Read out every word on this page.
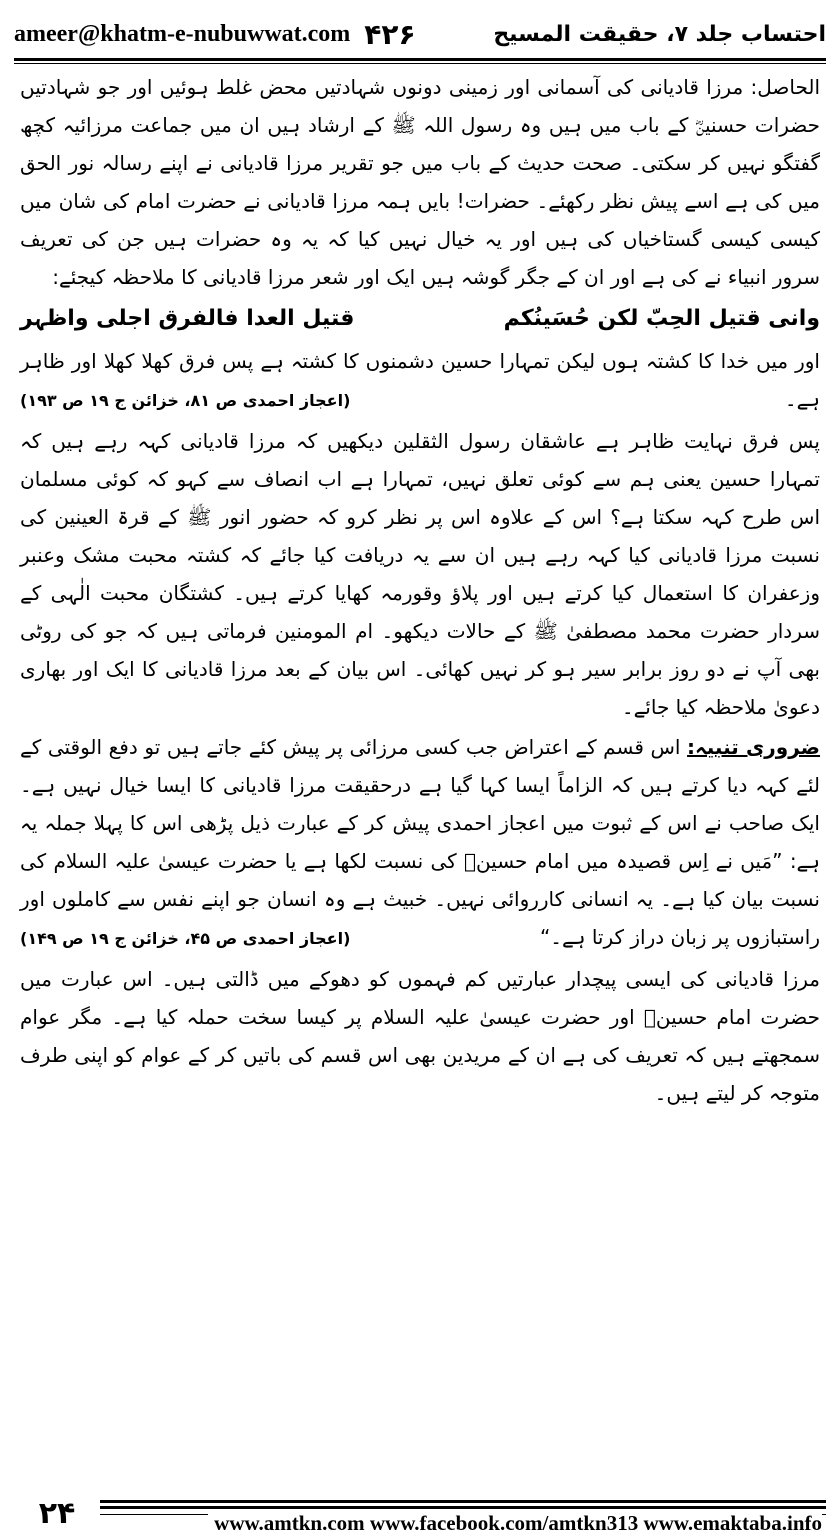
ameer@khatm-e-nubuwwat.com ۴۲۶	احتساب جلد ۷، حقیقت المسیح

الحاصل: مرزا قادیانی کی آسمانی اور زمینی دونوں شہادتیں محض غلط ہوئیں اور جو شہادتیں حضرات حسنینؓ کے باب میں ہیں وہ رسول اللہ ﷺ کے ارشاد ہیں ان میں جماعت مرزائیہ کچھ گفتگو نہیں کر سکتی۔ صحت حدیث کے باب میں جو تقریر مرزا قادیانی نے اپنے رسالہ نور الحق میں کی ہے اسے پیش نظر رکھئے۔ حضرات! بایں ہمہ مرزا قادیانی نے حضرت امام کی شان میں کیسی کیسی گستاخیاں کی ہیں اور یہ خیال نہیں کیا کہ یہ وہ حضرات ہیں جن کی تعریف سرور انبیاء نے کی ہے اور ان کے جگر گوشہ ہیں ایک اور شعر مرزا قادیانی کا ملاحظہ کیجئے:

وانی قتیل الحِبّ لکن حُسَینُکم
قتیل العدا فالفرق اجلی واظہر

اور میں خدا کا کشتہ ہوں لیکن تمہارا حسین دشمنوں کا کشتہ ہے پس فرق کھلا کھلا اور ظاہر ہے۔
(اعجاز احمدی ص ۸۱، خزائن ج ۱۹ ص ۱۹۳)

پس فرق نہایت ظاہر ہے عاشقان رسول الثقلین دیکھیں کہ مرزا قادیانی کہہ رہے ہیں کہ تمہارا حسین یعنی ہم سے کوئی تعلق نہیں، تمہارا ہے اب انصاف سے کہو کہ کوئی مسلمان اس طرح کہہ سکتا ہے؟ اس کے علاوہ اس پر نظر کرو کہ حضور انور ﷺ کے قرۃ العینین کی نسبت مرزا قادیانی کیا کہہ رہے ہیں ان سے یہ دریافت کیا جائے کہ کشتہ محبت مشک وعنبر وزعفران کا استعمال کیا کرتے ہیں اور پلاؤ وقورمہ کھایا کرتے ہیں۔ کشتگان محبت الٰہی کے سردار حضرت محمد مصطفیٰ ﷺ کے حالات دیکھو۔ ام المومنین فرماتی ہیں کہ جو کی روٹی بھی آپ نے دو روز برابر سیر ہو کر نہیں کھائی۔ اس بیان کے بعد مرزا قادیانی کا ایک اور بھاری دعویٰ ملاحظہ کیا جائے۔

ضروری تنبیہ: اس قسم کے اعتراض جب کسی مرزائی پر پیش کئے جاتے ہیں تو دفع الوقتی کے لئے کہہ دیا کرتے ہیں کہ الزاماً ایسا کہا گیا ہے درحقیقت مرزا قادیانی کا ایسا خیال نہیں ہے۔ ایک صاحب نے اس کے ثبوت میں اعجاز احمدی پیش کر کے عبارت ذیل پڑھی اس کا پہلا جملہ یہ ہے: ”مَیں نے اِس قصیدہ میں امام حسینؓ کی نسبت لکھا ہے یا حضرت عیسیٰ علیہ السلام کی نسبت بیان کیا ہے۔ یہ انسانی کارروائی نہیں۔ خبیث ہے وہ انسان جو اپنے نفس سے کاملوں اور راستبازوں پر زبان دراز کرتا ہے۔“
(اعجاز احمدی ص ۴۵، خزائن ج ۱۹ ص ۱۴۹)

مرزا قادیانی کی ایسی پیچدار عبارتیں کم فہموں کو دھوکے میں ڈالتی ہیں۔ اس عبارت میں حضرت امام حسینؓ اور حضرت عیسیٰ علیہ السلام پر کیسا سخت حملہ کیا ہے۔ مگر عوام سمجھتے ہیں کہ تعریف کی ہے ان کے مریدین بھی اس قسم کی باتیں کر کے عوام کو اپنی طرف متوجہ کر لیتے ہیں۔

۲۴	www.amtkn.com www.facebook.com/amtkn313 www.emaktaba.info
